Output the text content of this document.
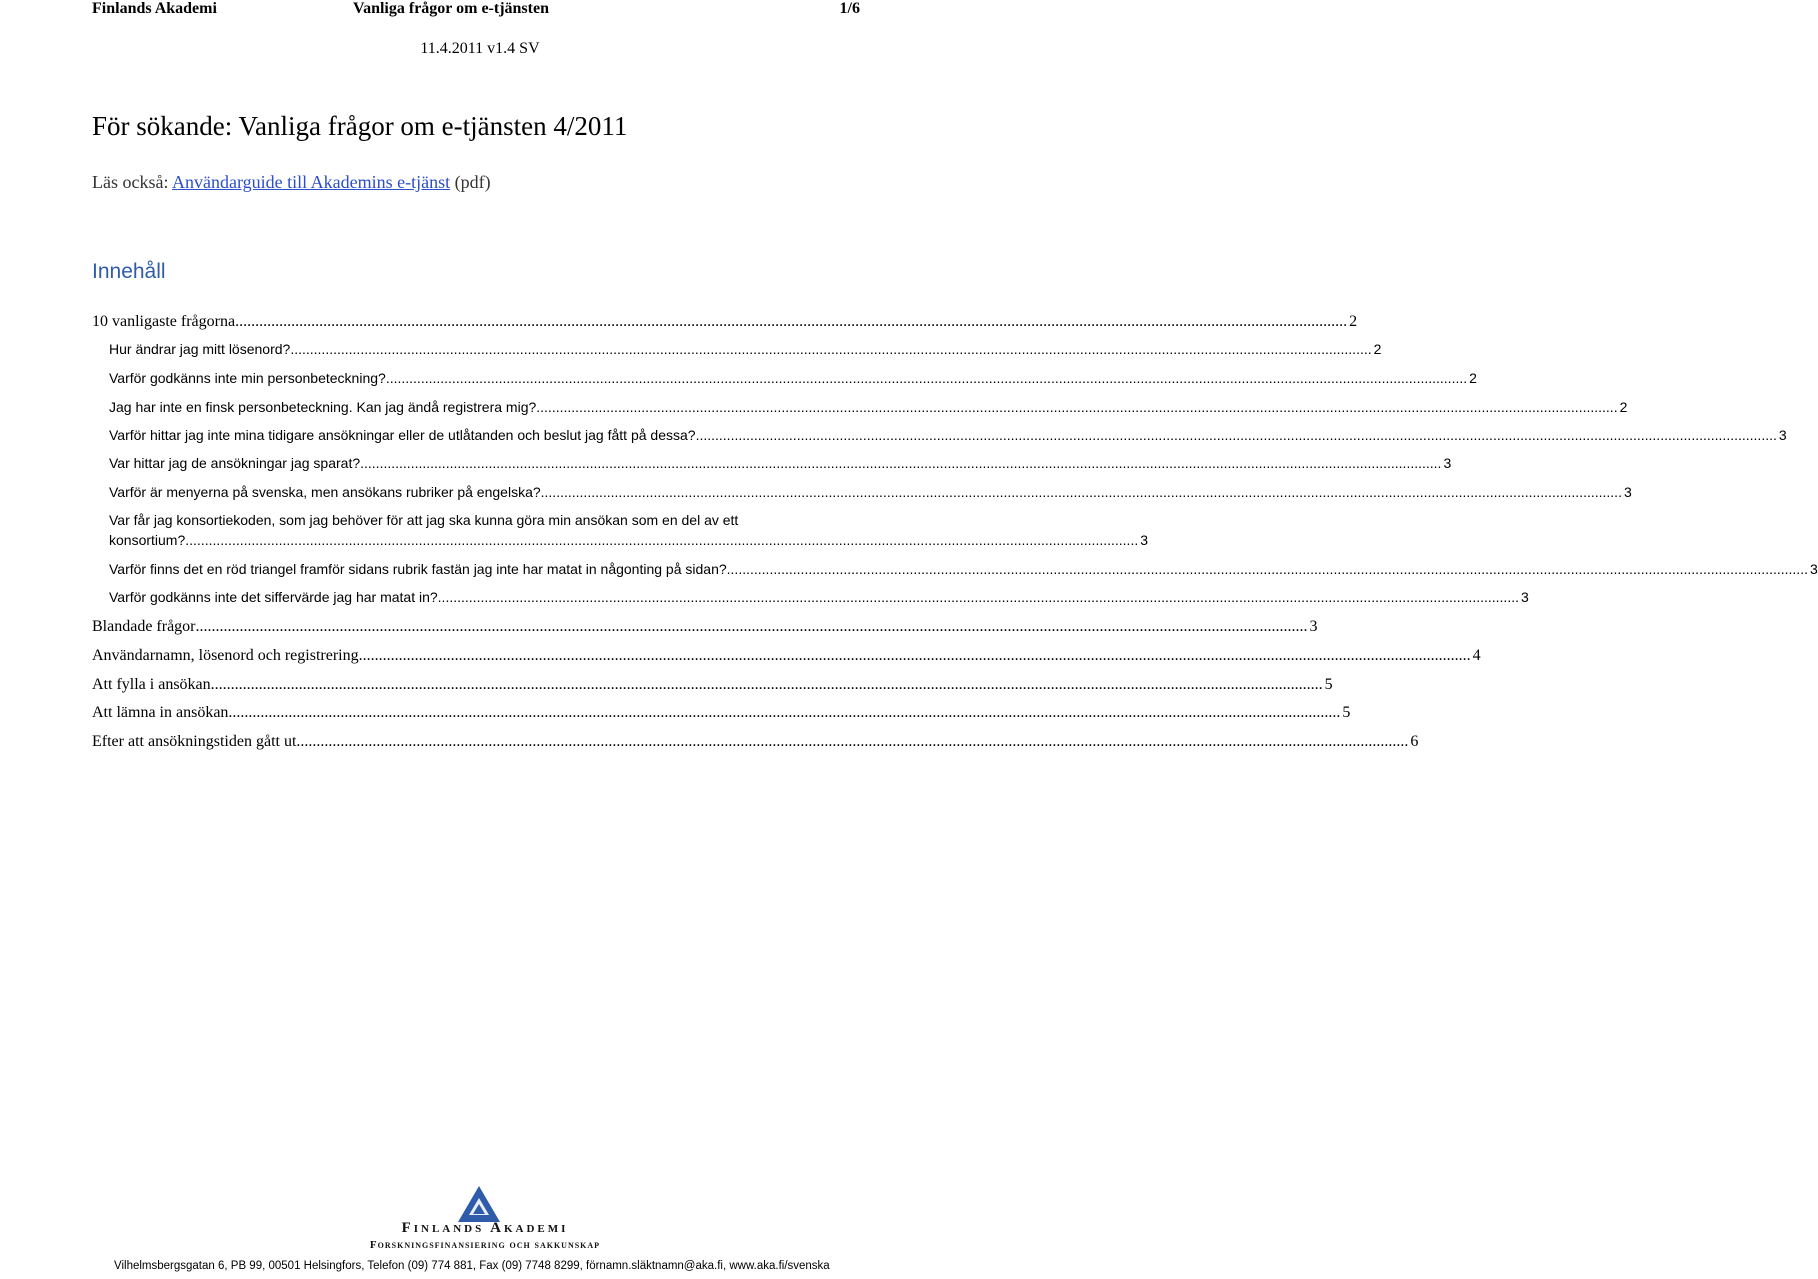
Finlands Akademi	Vanliga frågor om e-tjänsten	1/6
11.4.2011 v1.4 SV
För sökande: Vanliga frågor om e-tjänsten 4/2011
Läs också: Användarguide till Akademins e-tjänst (pdf)
Innehåll
10 vanligaste frågorna .....	2
Hur ändrar jag mitt lösenord? .....	2
Varför godkänns inte min personbeteckning? .....	2
Jag har inte en finsk personbeteckning. Kan jag ändå registrera mig? .....	2
Varför hittar jag inte mina tidigare ansökningar eller de utlåtanden och beslut jag fått på dessa? .....	3
Var hittar jag de ansökningar jag sparat? .....	3
Varför är menyerna på svenska, men ansökans rubriker på engelska? .....	3
Var får jag konsortiekoden, som jag behöver för att jag ska kunna göra min ansökan som en del av ett
konsortium? ..................................................................................................................................................................................................................................................... 3
Varför finns det en röd triangel framför sidans rubrik fastän jag inte har matat in någonting på sidan? .....	3
Varför godkänns inte det siffervärde jag har matat in? .....	3
Blandade frågor .....	3
Användarnamn, lösenord och registrering .....	4
Att fylla i ansökan .....	5
Att lämna in ansökan .....	5
Efter att ansökningstiden gått ut .....	6
Finlands Akademi
Forskningsfinansiering och sakkunskap
Vilhelmsbergsgatan 6, PB 99, 00501 Helsingfors, Telefon (09) 774 881, Fax (09) 7748 8299, förnamn.släktnamn@aka.fi, www.aka.fi/svenska
